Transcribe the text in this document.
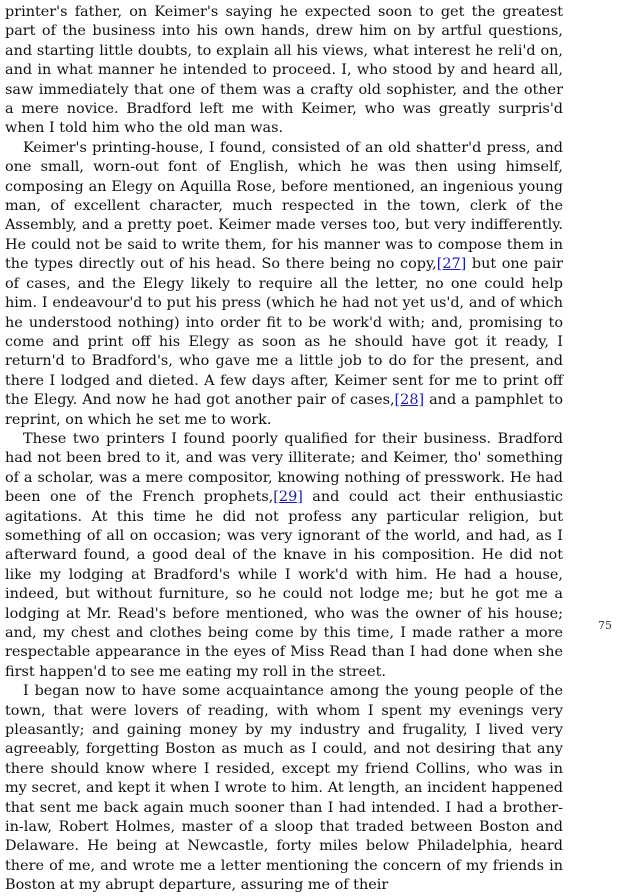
printer's father, on Keimer's saying he expected soon to get the greatest part of the business into his own hands, drew him on by artful questions, and starting little doubts, to explain all his views, what interest he reli'd on, and in what manner he intended to proceed. I, who stood by and heard all, saw immediately that one of them was a crafty old sophister, and the other a mere novice. Bradford left me with Keimer, who was greatly surpris'd when I told him who the old man was.

Keimer's printing-house, I found, consisted of an old shatter'd press, and one small, worn-out font of English, which he was then using himself, composing an Elegy on Aquilla Rose, before mentioned, an ingenious young man, of excellent character, much respected in the town, clerk of the Assembly, and a pretty poet. Keimer made verses too, but very indifferently. He could not be said to write them, for his manner was to compose them in the types directly out of his head. So there being no copy,[27] but one pair of cases, and the Elegy likely to require all the letter, no one could help him. I endeavour'd to put his press (which he had not yet us'd, and of which he understood nothing) into order fit to be work'd with; and, promising to come and print off his Elegy as soon as he should have got it ready, I return'd to Bradford's, who gave me a little job to do for the present, and there I lodged and dieted. A few days after, Keimer sent for me to print off the Elegy. And now he had got another pair of cases,[28] and a pamphlet to reprint, on which he set me to work.

These two printers I found poorly qualified for their business. Bradford had not been bred to it, and was very illiterate; and Keimer, tho' something of a scholar, was a mere compositor, knowing nothing of presswork. He had been one of the French prophets,[29] and could act their enthusiastic agitations. At this time he did not profess any particular religion, but something of all on occasion; was very ignorant of the world, and had, as I afterward found, a good deal of the knave in his composition. He did not like my lodging at Bradford's while I work'd with him. He had a house, indeed, but without furniture, so he could not lodge me; but he got me a lodging at Mr. Read's before mentioned, who was the owner of his house; and, my chest and clothes being come by this time, I made rather a more respectable appearance in the eyes of Miss Read than I had done when she first happen'd to see me eating my roll in the street.

I began now to have some acquaintance among the young people of the town, that were lovers of reading, with whom I spent my evenings very pleasantly; and gaining money by my industry and frugality, I lived very agreeably, forgetting Boston as much as I could, and not desiring that any there should know where I resided, except my friend Collins, who was in my secret, and kept it when I wrote to him. At length, an incident happened that sent me back again much sooner than I had intended. I had a brother-in-law, Robert Holmes, master of a sloop that traded between Boston and Delaware. He being at Newcastle, forty miles below Philadelphia, heard there of me, and wrote me a letter mentioning the concern of my friends in Boston at my abrupt departure, assuring me of their

75
